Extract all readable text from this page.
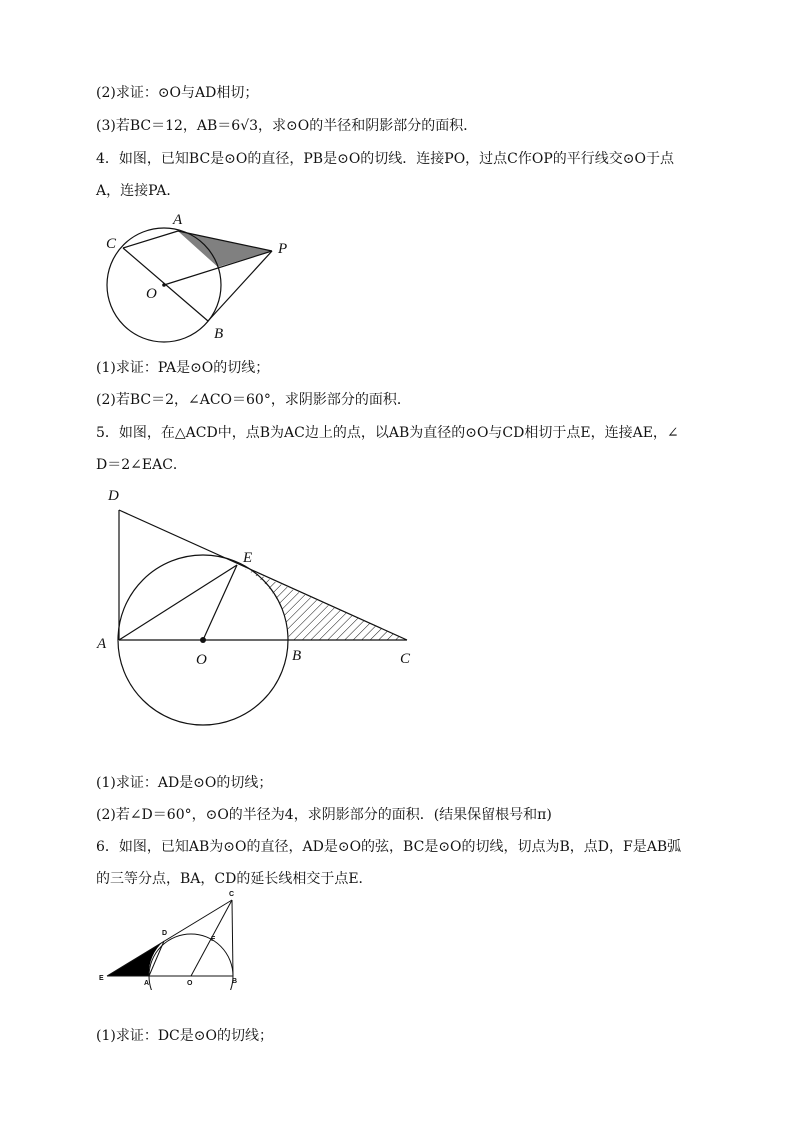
(2)求证：⊙O与AD相切；
(3)若BC＝12，AB＝6√3，求⊙O的半径和阴影部分的面积．
4．如图，已知BC是⊙O的直径，PB是⊙O的切线．连接PO，过点C作OP的平行线交⊙O于点
A，连接PA．
A
C	P
O
B
(1)求证：PA是⊙O的切线；
(2)若BC＝2，∠ACO＝60°，求阴影部分的面积．
5．如图，在△ACD中，点B为AC边上的点，以AB为直径的⊙O与CD相切于点E，连接AE，∠
D＝2∠EAC．
D
E
A
O	B	C
(1)求证：AD是⊙O的切线；
(2)若∠D＝60°，⊙O的半径为4，求阴影部分的面积．(结果保留根号和π)
6．如图，已知AB为⊙O的直径，AD是⊙O的弦，BC是⊙O的切线，切点为B，点D，F是AB弧
的三等分点，BA，CD的延长线相交于点E．
C
D
F
E
A	O	B
(1)求证：DC是⊙O的切线；
